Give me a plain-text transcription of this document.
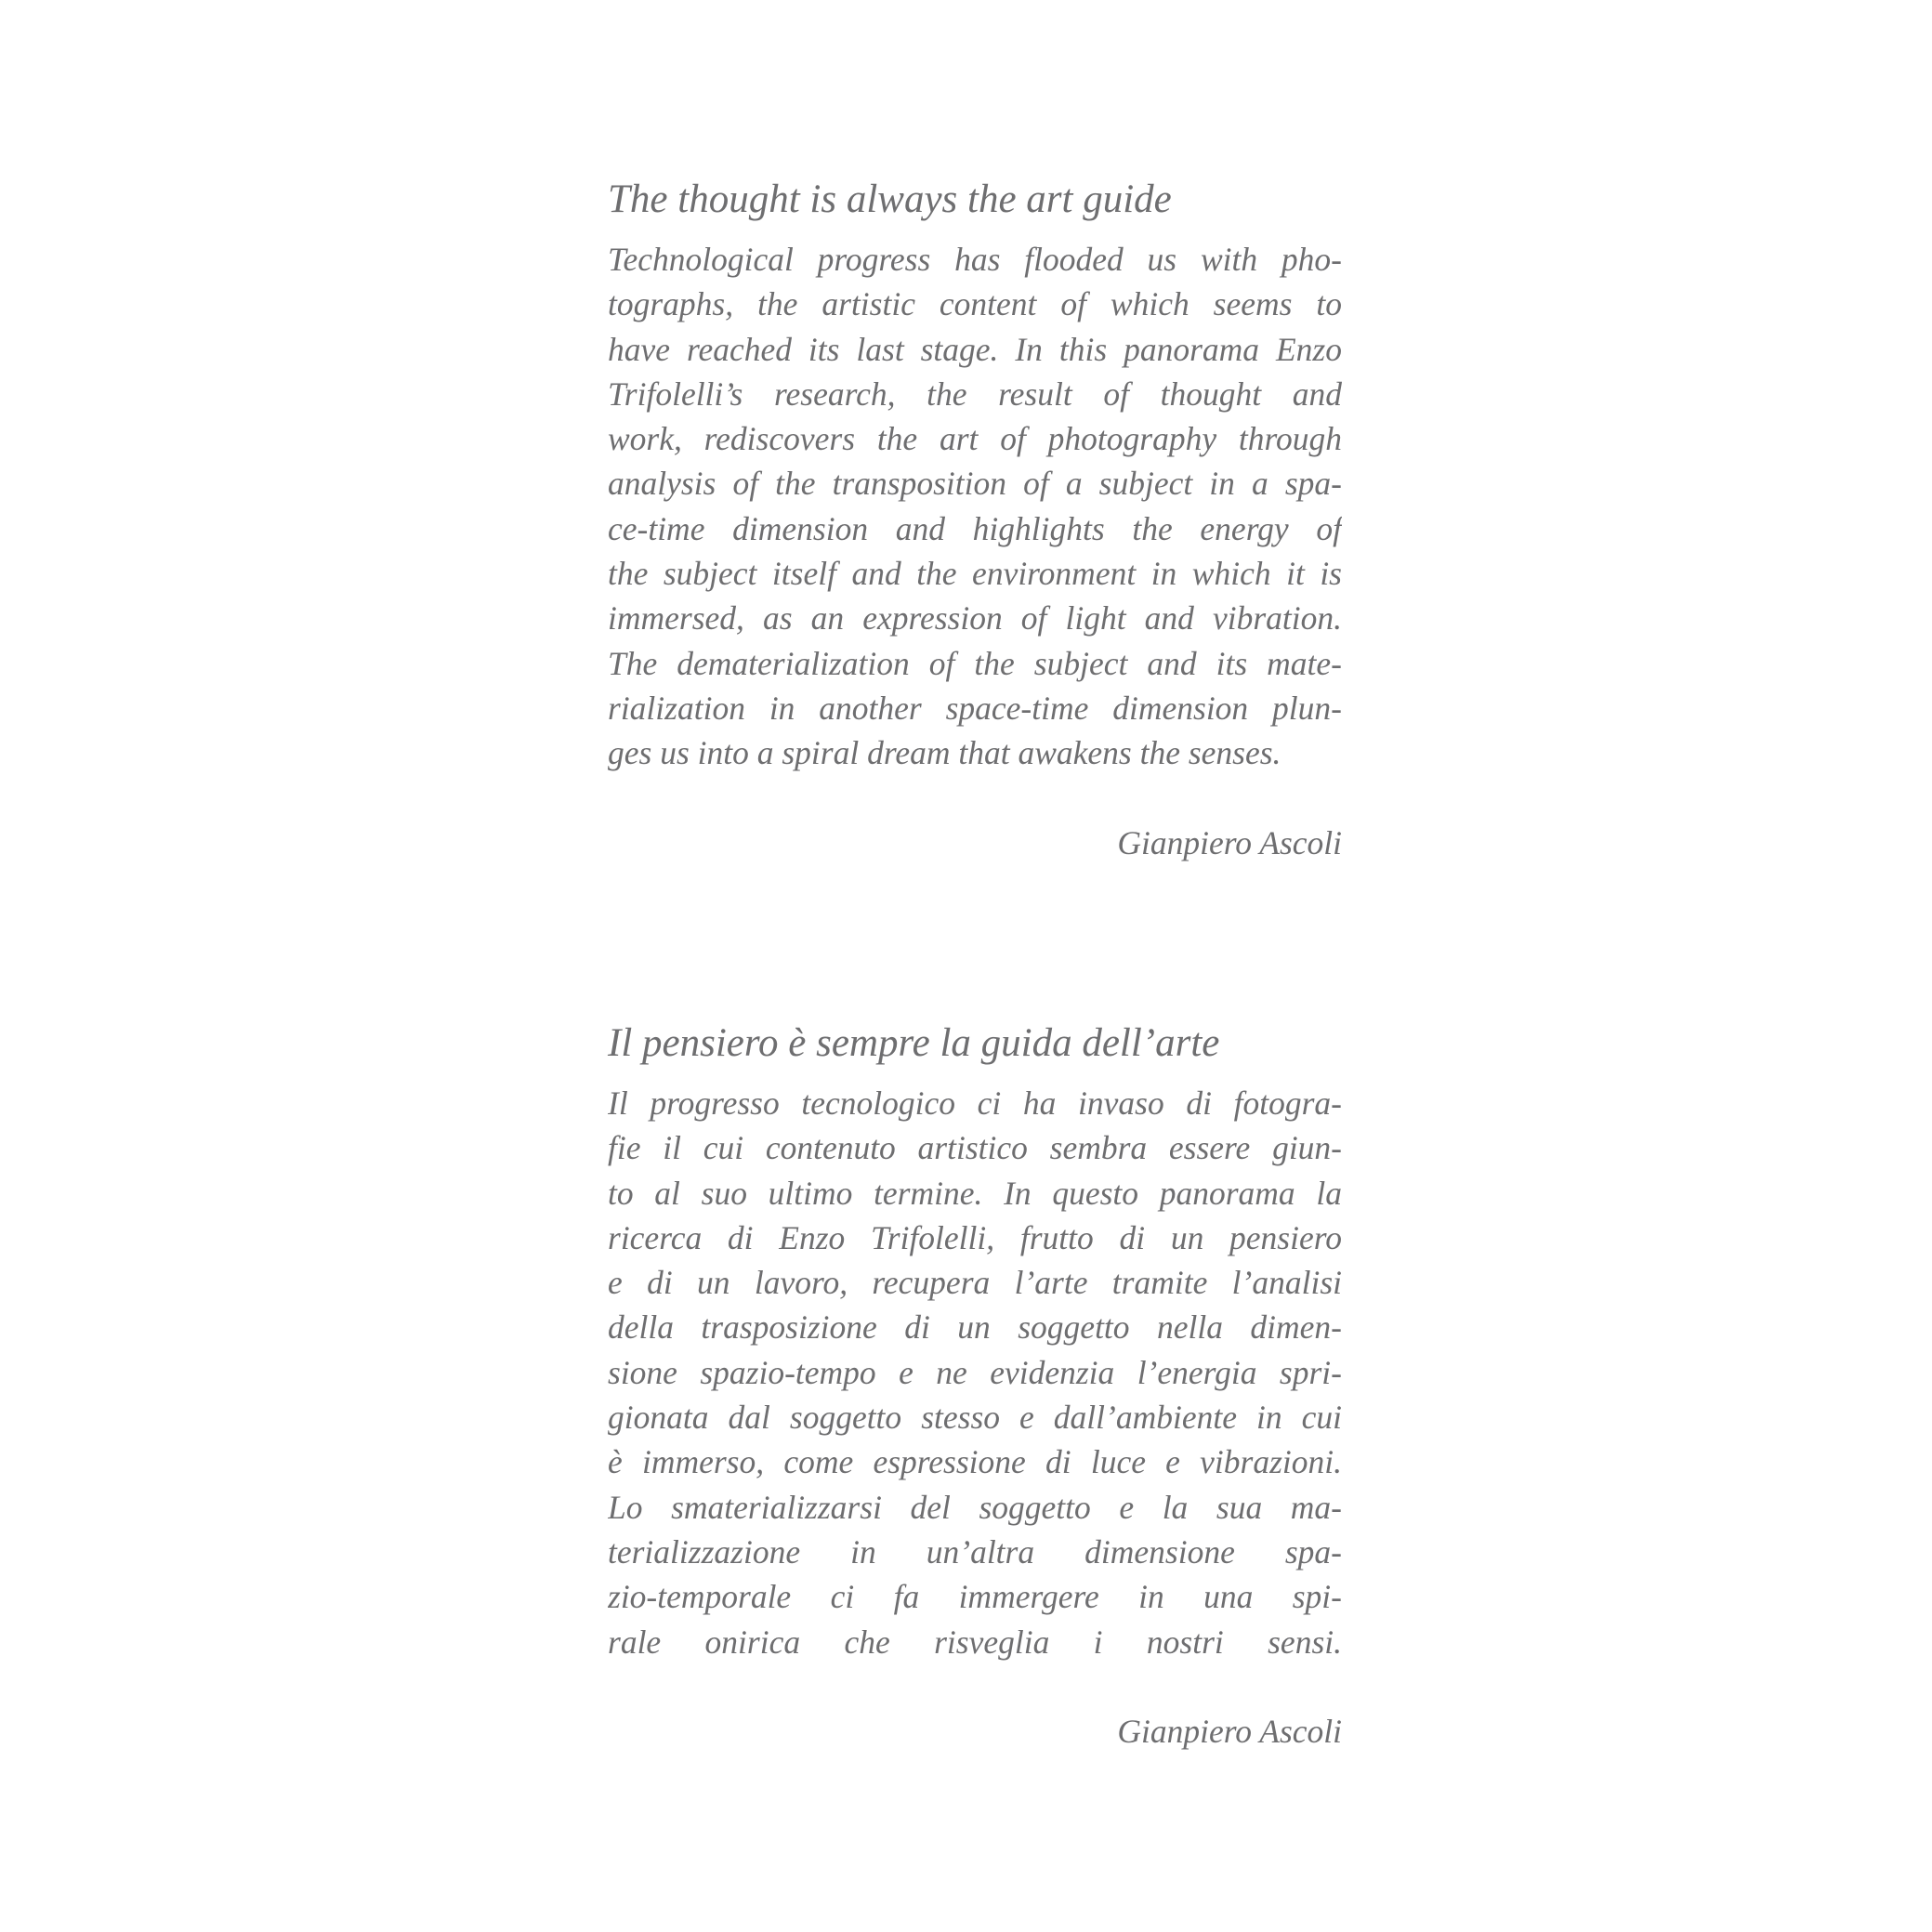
The thought is always the art guide
Technological progress has flooded us with pho-
tographs, the artistic content of which seems to
have reached its last stage. In this panorama Enzo
Trifolelli’s research, the result of thought and
work, rediscovers the art of photography through
analysis of the transposition of a subject in a spa-
ce-time dimension and highlights the energy of
the subject itself and the environment in which it is
immersed, as an expression of light and vibration.
The dematerialization of the subject and its mate-
rialization in another space-time dimension plun-
ges us into a spiral dream that awakens the senses.

Gianpiero Ascoli

Il pensiero è sempre la guida dell’arte
Il progresso tecnologico ci ha invaso di fotogra-
fie il cui contenuto artistico sembra essere giun-
to al suo ultimo termine. In questo panorama la
ricerca di Enzo Trifolelli, frutto di un pensiero
e di un lavoro, recupera l’arte tramite l’analisi
della trasposizione di un soggetto nella dimen-
sione spazio-tempo e ne evidenzia l’energia spri-
gionata dal soggetto stesso e dall’ambiente in cui
è immerso, come espressione di luce e vibrazioni.
Lo smaterializzarsi del soggetto e la sua ma-
terializzazione in un’altra dimensione spa-
zio-temporale ci fa immergere in una spi-
rale onirica che risveglia i nostri sensi.

Gianpiero Ascoli
